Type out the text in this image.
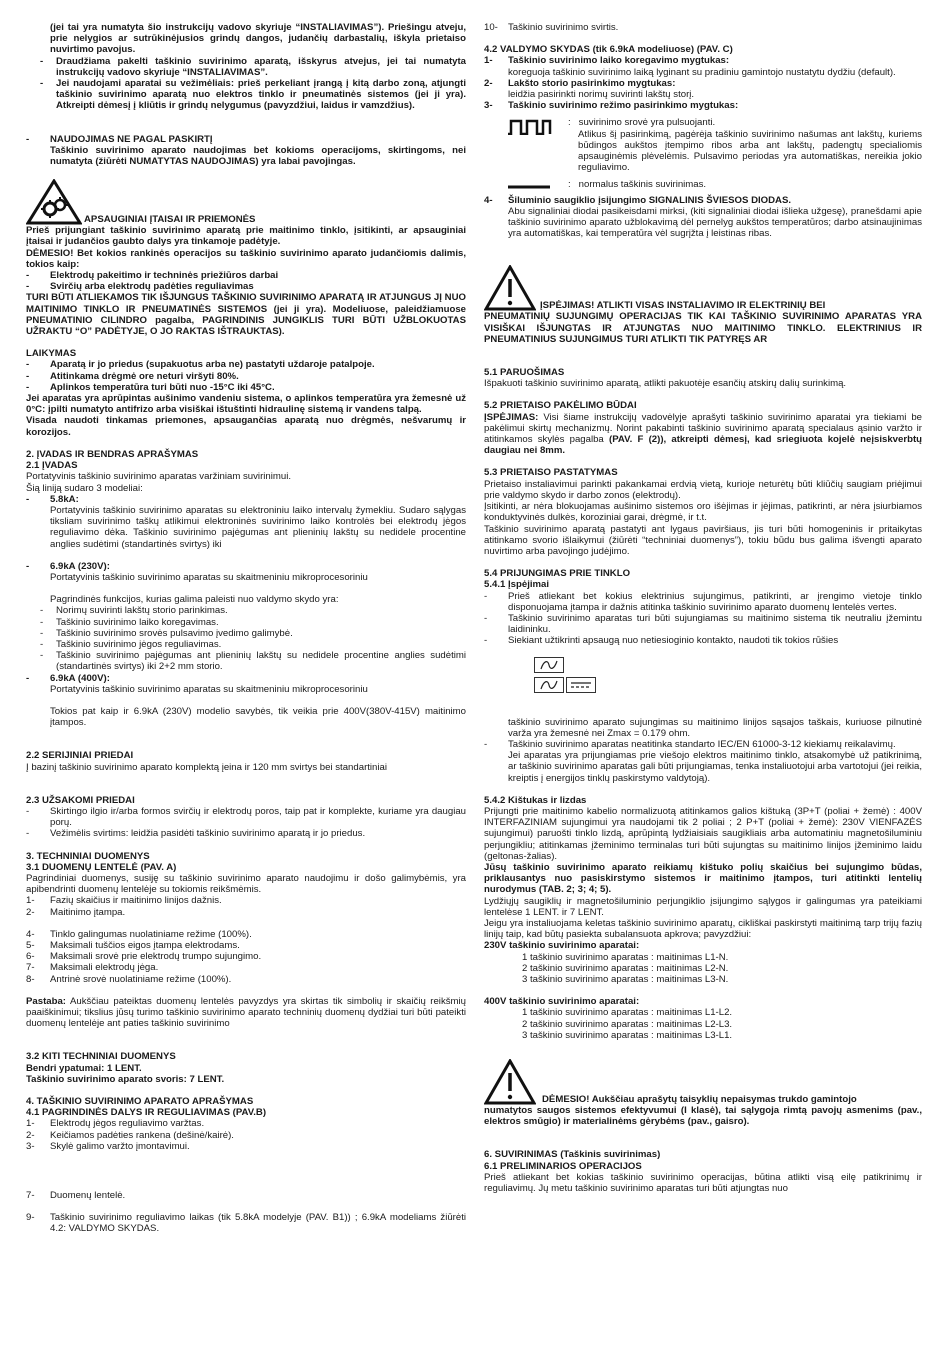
(jei tai yra numatyta šio instrukcijų vadovo skyriuje “INSTALIAVIMAS”). Priešingu atveju, prie nelygios ar sutrūkinėjusios grindų dangos, judančių darbastalių, iškyla prietaiso nuvirtimo pavojus.

- Draudžiama pakelti taškinio suvirinimo aparatą, išskyrus atvejus, jei tai numatyta instrukcijų vadovo skyriuje “INSTALIAVIMAS”.
- Jei naudojami aparatai su vežimėliais: prieš perkeliant įrangą į kitą darbo zoną, atjungti taškinio suvirinimo aparatą nuo elektros tinklo ir pneumatinės sistemos (jei ji yra). Atkreipti dėmesį į kliūtis ir grindų nelygumus (pavyzdžiui, laidus ir vamzdžius).
- NAUDOJIMAS NE PAGAL PASKIRTĮ

Taškinio suvirinimo aparato naudojimas bet kokioms operacijoms, skirtingoms, nei numatyta (žiūrėti NUMATYTAS NAUDOJIMAS) yra labai pavojingas.

APSAUGINIAI ĮTAISAI IR PRIEMONĖS

Prieš prijungiant taškinio suvirinimo aparatą prie maitinimo tinklo, įsitikinti, ar apsauginiai įtaisai ir judančios gaubto dalys yra tinkamoje padėtyje.

DĖMESIO! Bet kokios rankinės operacijos su taškinio suvirinimo aparato judančiomis dalimis, tokios kaip:

- Elektrodų pakeitimo ir techninės priežiūros darbai
- Svirčių arba elektrodų padėties reguliavimas

TURI BŪTI ATLIEKAMOS TIK IŠJUNGUS TAŠKINIO SUVIRINIMO APARATĄ IR ATJUNGUS JĮ NUO MAITINIMO TINKLO IR PNEUMATINĖS SISTEMOS (jei ji yra). Modeliuose, paleidžiamuose PNEUMATINIO CILINDRO pagalba, PAGRINDINIS JUNGIKLIS TURI BŪTI UŽBLOKUOTAS UŽRAKTU “O” PADĖTYJE, O JO RAKTAS IŠTRAUKTAS).

LAIKYMAS

- Aparatą ir jo priedus (supakuotus arba ne) pastatyti uždaroje patalpoje.
- Atitinkama drėgmė ore neturi viršyti 80%.
- Aplinkos temperatūra turi būti nuo -15°C iki 45°C.

Jei aparatas yra aprūpintas aušinimo vandeniu sistema, o aplinkos temperatūra yra žemesnė už 0°C: įpilti numatyto antifrizo arba visiškai ištuštinti hidraulinę sistemą ir vandens talpą.

Visada naudoti tinkamas priemones, apsaugančias aparatą nuo drėgmės, nešvarumų ir korozijos.

2. ĮVADAS IR BENDRAS APRAŠYMAS

2.1 ĮVADAS

Portatyvinis taškinio suvirinimo aparatas varžiniam suvirinimui.

Šią liniją sudaro 3 modeliai:

- 5.8kA:

Portatyvinis taškinio suvirinimo aparatas su elektroniniu laiko intervalų žymekliu. Sudaro sąlygas tiksliam suvirinimo taškų atlikimui elektroninės suvirinimo laiko kontrolės bei elektrodų jėgos reguliavimo dėka. Taškinio suvirinimo pajėgumas ant plieninių lakštų su nedidele procentine anglies sudėtimi (standartinės svirtys) iki

- 6.9kA (230V):

Portatyvinis taškinio suvirinimo aparatas su skaitmeniniu mikroprocesoriniu

Pagrindinės funkcijos, kurias galima paleisti nuo valdymo skydo yra:

- Norimų suvirinti lakštų storio parinkimas.
- Taškinio suvirinimo laiko koregavimas.
- Taškinio suvirinimo srovės pulsavimo įvedimo galimybė.
- Taškinio suvirinimo jėgos reguliavimas.
- Taškinio suvirinimo pajėgumas ant plieninių lakštų su nedidele procentine anglies sudėtimi (standartinės svirtys) iki 2+2 mm storio.
- 6.9kA (400V):

Portatyvinis taškinio suvirinimo aparatas su skaitmeniniu mikroprocesoriniu

Tokios pat kaip ir 6.9kA (230V) modelio savybės, tik veikia prie 400V(380V-415V) maitinimo įtampos.

2.2 SERIJINIAI PRIEDAI

Į bazinį taškinio suvirinimo aparato komplektą įeina ir 120 mm svirtys bei standartiniai

2.3 UŽSAKOMI PRIEDAI

- Skirtingo ilgio ir/arba formos svirčių ir elektrodų poros, taip pat ir komplekte, kuriame yra daugiau porų.
- Vežimėlis svirtims: leidžia pasidėti taškinio suvirinimo aparatą ir jo priedus.

3. TECHNINIAI DUOMENYS

3.1 DUOMENŲ LENTELĖ (PAV. A)

Pagrindiniai duomenys, susiję su taškinio suvirinimo aparato naudojimu ir došo galimybėmis, yra apibendrinti duomenų lentelėje su tokiomis reikšmėmis.

1- Fazių skaičius ir maitinimo linijos dažnis.
2- Maitinimo įtampa.
4- Tinklo galingumas nuolatiniame režime (100%).
5- Maksimali tuščios eigos įtampa elektrodams.
6- Maksimali srovė prie elektrodų trumpo sujungimo.
7- Maksimali elektrodų jėga.
8- Antrinė srovė nuolatiniame režime (100%).

Pastaba: Aukščiau pateiktas duomenų lentelės pavyzdys yra skirtas tik simbolių ir skaičių reikšmių paaiškinimui; tikslius jūsų turimo taškinio suvirinimo aparato techninių duomenų dydžiai turi būti pateikti duomenų lentelėje ant paties taškinio suvirinimo

3.2 KITI TECHNINIAI DUOMENYS

Bendri ypatumai: 1 LENT.

Taškinio suvirinimo aparato svoris: 7 LENT.

4. TAŠKINIO SUVIRINIMO APARATO APRAŠYMAS

4.1 PAGRINDINĖS DALYS IR REGULIAVIMAS (PAV.B)

1- Elektrodų jėgos reguliavimo varžtas.
2- Keičiamos padėties rankena (dešinė/kairė).
3- Skylė galimo varžto įmontavimui.
7- Duomenų lentelė.
9- Taškinio suvirinimo reguliavimo laikas (tik 5.8kA modelyje (PAV. B1)) ; 6.9kA modeliams žiūrėti 4.2: VALDYMO SKYDAS.
10- Taškinio suvirinimo svirtis.

4.2 VALDYMO SKYDAS (tik 6.9kA modeliuose) (PAV. C)

1- Taškinio suvirinimo laiko koregavimo mygtukas:

koreguoja taškinio suvirinimo laiką lyginant su pradiniu gamintojo nustatytu dydžiu (default).

2- Lakšto storio pasirinkimo mygtukas:

leidžia pasirinkti norimų suvirinti lakštų storį.

3- Taškinio suvirinimo režimo pasirinkimo mygtukas:

:   suvirinimo srovė yra pulsuojanti.

Atlikus šį pasirinkimą, pagėrėja taškinio suvirinimo našumas ant lakštų, kuriems būdingos aukštos įtempimo ribos arba ant lakštų, padengtų specialiomis apsauginėmis plėvelėmis. Pulsavimo periodas yra automatiškas, nereikia jokio reguliavimo.

:   normalus taškinis suvirinimas.

4- Šiluminio saugiklio įsijungimo SIGNALINIS ŠVIESOS DIODAS.

Abu signaliniai diodai pasikeisdami mirksi, (kiti signaliniai diodai išlieka užgesę), pranešdami apie taškinio suvirinimo aparato užblokavimą dėl pernelyg aukštos temperatūros; darbo atsinaujinimas yra automatiškas, kai temperatūra vėl sugrįžta į leistinas ribas.

ĮSPĖJIMAS! ATLIKTI VISAS INSTALIAVIMO IR ELEKTRINIŲ BEI

PNEUMATINIŲ SUJUNGIMŲ OPERACIJAS TIK KAI TAŠKINIO SUVIRINIMO APARATAS YRA VISIŠKAI IŠJUNGTAS IR ATJUNGTAS NUO MAITINIMO TINKLO. ELEKTRINIUS IR PNEUMATINIUS SUJUNGIMUS TURI ATLIKTI TIK PATYRĘS AR

5.1 PARUOŠIMAS

Išpakuoti taškinio suvirinimo aparatą, atlikti pakuotėje esančių atskirų dalių surinkimą.

5.2 PRIETAISO PAKĖLIMO BŪDAI

ĮSPĖJIMAS: Visi šiame instrukcijų vadovėlyje aprašyti taškinio suvirinimo aparatai yra tiekiami be pakėlimui skirtų mechanizmų. Norint pakabinti taškinio suvirinimo aparatą specialaus ąsinio varžto ir atitinkamos skylės pagalba (PAV. F (2)), atkreipti dėmesį, kad sriegiuota kojelė neįsiskverbtų daugiau nei 8mm.

5.3 PRIETAISO PASTATYMAS

Prietaiso instaliavimui parinkti pakankamai erdvią vietą, kurioje neturėtų būti kliūčių saugiam priėjimui prie valdymo skydo ir darbo zonos (elektrodų).

Įsitikinti, ar nėra blokuojamas aušinimo sistemos oro išėjimas ir įėjimas, patikrinti, ar nėra įsiurbiamos konduktyvinės dulkės, koroziniai garai, drėgmė, ir t.t.

Taškinio suvirinimo aparatą pastatyti ant lygaus paviršiaus, jis turi būti homogeninis ir pritaikytas atitinkamo svorio išlaikymui (žiūrėti “techniniai duomenys”), tokiu būdu bus galima išvengti aparato nuvirtimo arba pavojingo judėjimo.

5.4 PRIJUNGIMAS PRIE TINKLO

5.4.1 Įspėjimai

- Prieš atliekant bet kokius elektrinius sujungimus, patikrinti, ar įrengimo vietoje tinklo disponuojama įtampa ir dažnis atitinka taškinio suvirinimo aparato duomenų lentelės vertes.
- Taškinio suvirinimo aparatas turi būti sujungiamas su maitinimo sistema tik neutraliu įžemintu laidininku.
- Siekiant užtikrinti apsaugą nuo netiesioginio kontakto, naudoti tik tokios rūšies

taškinio suvirinimo aparato sujungimas su maitinimo linijos sąsajos taškais, kuriuose pilnutinė varža yra žemesnė nei Zmax = 0.179 ohm.

- Taškinio suvirinimo aparatas neatitinka standarto IEC/EN 61000-3-12 kiekiamų reikalavimų.

Jei aparatas yra prijungiamas prie viešojo elektros maitinimo tinklo, atsakomybė už patikrinimą, ar taškinio suvirinimo aparatas gali būti prijungiamas, tenka instaliuotojui arba vartotojui (jei reikia, kreiptis į energijos tinklų paskirstymo valdytoją).

5.4.2 Kištukas ir lizdas

Prijungti prie maitinimo kabelio normalizuotą atitinkamos galios kištuką (3P+T (poliai + žemė) : 400V INTERFAZINIAM sujungimui yra naudojami tik 2 poliai ; 2 P+T (poliai + žemė): 230V VIENFAZĖS sujungimui) paruošti tinklo lizdą, aprūpintą lydžiaisiais saugikliais arba automatiniu magnetošiluminiu perjungikliu; atitinkamas įžeminimo terminalas turi būti sujungtas su maitinimo linijos įžeminimo laidu (geltonas-žalias).

Jūsų taškinio suvirinimo aparato reikiamų kištuko polių skaičius bei sujungimo būdas, priklausantys nuo pasiskirstymo sistemos ir maitinimo įtampos, turi atitinkti lentelių nurodymus (TAB. 2; 3; 4; 5).

Lydžiųjų saugiklių ir magnetošiluminio perjungiklio įsijungimo sąlygos ir galingumas yra pateikiami lentelėse 1 LENT. ir 7 LENT.

Jeigu yra instaliuojama keletas taškinio suvirinimo aparatų, cikliškai paskirstyti maitinimą tarp trijų fazių linijų taip, kad būtų pasiekta subalansuota apkrova; pavyzdžiui:

230V taškinio suvirinimo aparatai:

1 taškinio suvirinimo aparatas : maitinimas L1-N.

2 taškinio suvirinimo aparatas : maitinimas L2-N.

3 taškinio suvirinimo aparatas : maitinimas L3-N.

400V taškinio suvirinimo aparatai:

1 taškinio suvirinimo aparatas : maitinimas L1-L2.

2 taškinio suvirinimo aparatas : maitinimas L2-L3.

3 taškinio suvirinimo aparatas : maitinimas L3-L1.

DĖMESIO! Aukščiau aprašytų taisyklių nepaisymas trukdo gamintojo

numatytos saugos sistemos efektyvumui (I klasė), tai sąlygoja rimtą pavojų asmenims (pav., elektros smūgio) ir materialinėms gėrybėms (pav., gaisro).

6. SUVIRINIMAS (Taškinis suvirinimas)

6.1 PRELIMINARIOS OPERACIJOS

Prieš atliekant bet kokias taškinio suvirinimo operacijas, būtina atlikti visą eilę patikrinimų ir reguliavimų. Jų metu taškinio suvirinimo aparatas turi būti atjungtas nuo
